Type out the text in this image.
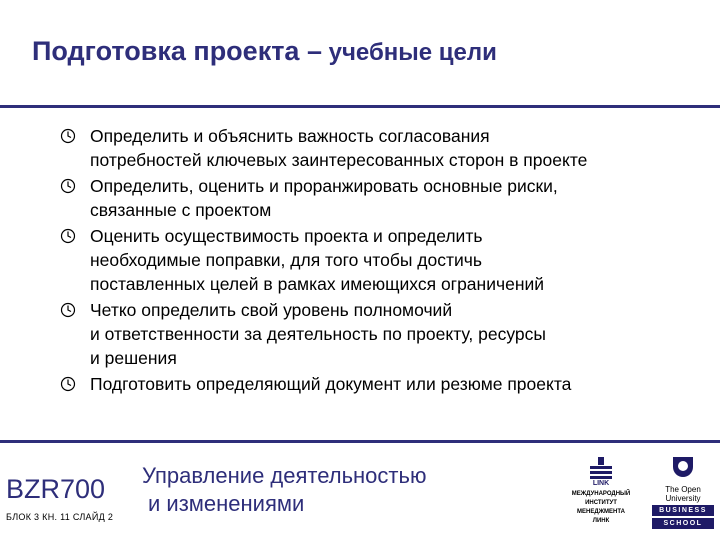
Подготовка проекта – учебные цели
Определить и объяснить важность согласования
потребностей ключевых заинтересованных сторон в проекте
Определить, оценить и проранжировать основные риски,
связанные с проектом
Оценить осуществимость проекта и определить
необходимые поправки, для того чтобы достичь
поставленных целей в рамках имеющихся ограничений
Четко определить свой уровень полномочий
и ответственности за деятельность по проекту, ресурсы
и решения
Подготовить определяющий документ или резюме проекта
BZR700
БЛОК 3 КН. 11 СЛАЙД 2
Управление деятельностью
и изменениями
LINK
МЕЖДУНАРОДНЫЙ
ИНСТИТУТ
МЕНЕДЖМЕНТА
ЛИНК
The Open
University
BUSINESS
SCHOOL
